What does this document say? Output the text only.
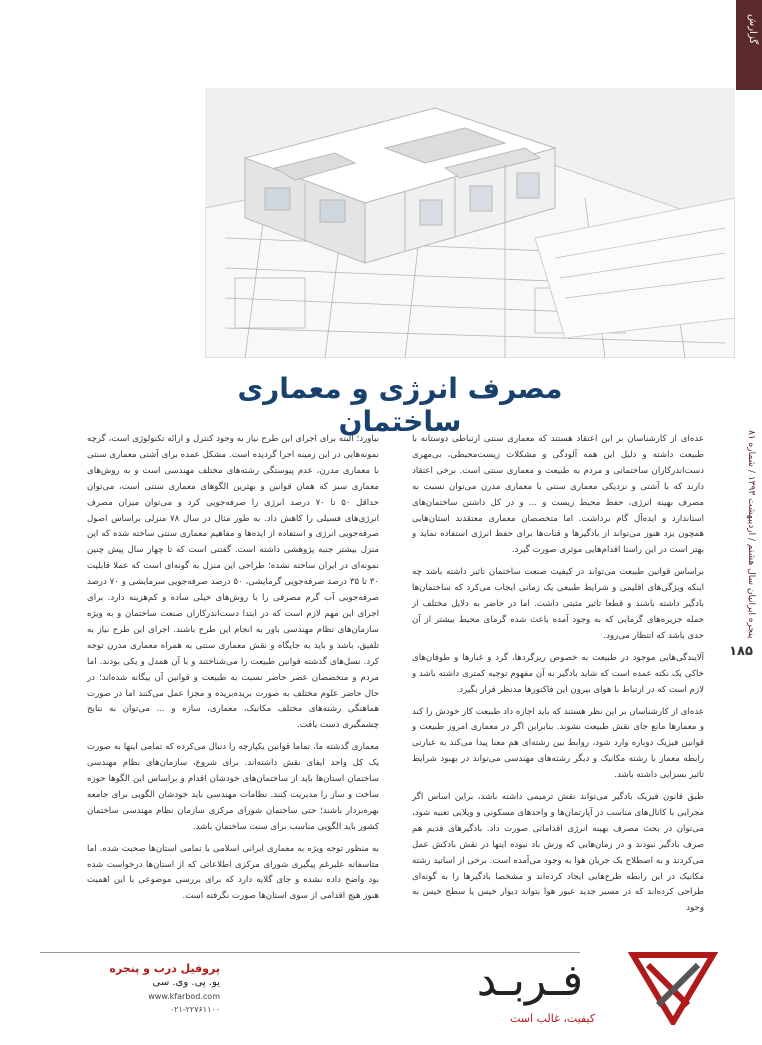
گزارش
پنجره ایرانیان سال هشتم / اردیبهشت ۱۳۹۳ / شماره ۸۱
۱۸۵
مصرف انرژی و معماری ساختمان

عده‌ای از کارشناسان بر این اعتقاد هستند که معماری سنتی ارتباطی دوستانه با طبیعت داشته و دلیل این همه آلودگی و مشکلات زیست‌محیطی، بی‌مهری دست‌اندرکاران ساختمانی و مردم به طبیعت و معماری سنتی است. برخی اعتقاد دارند که با آشتی و نزدیکی معماری سنتی با معماری مدرن می‌توان نسبت به مصرف بهینه انرژی، حفظ محیط زیست و ... و در کل داشتن ساختمان‌های استاندارد و ایده‌آل گام برداشت. اما متخصصان معماری معتقدند استان‌هایی همچون یزد هنوز می‌تواند از بادگیرها و قنات‌ها برای حفظ انرژی استفاده نماید و بهتر است در این راستا اقدام‌هایی موثری صورت گیرد.

براساس قوانین طبیعت می‌تواند در کیفیت صنعت ساختمان تاثیر داشته باشد چه اینکه ویژگی‌های اقلیمی و شرایط طبیعی یک زمانی ایجاب می‌کرد که ساختمان‌ها بادگیر داشته باشند و قطعا تاثیر مثبتی داشت. اما در حاضر به دلایل مختلف از جمله جزیره‌های گرمایی که به وجود آمده باعث شده گرمای محیط بیشتر از آن حدی باشد که انتظار می‌رود.

آلایندگی‌هایی موجود در طبیعت به خصوص ریزگردها، گرد و غبارها و طوفان‌های خاکی یک نکته عمده است که شاید بادگیر به آن مفهوم توجیه کمتری داشته باشد و لازم است که در ارتباط با هوای بیرون این فاکتورها مدنظر قرار بگیرد.

عده‌ای از کارشناسان بر این نظر هستند که باید اجازه داد طبیعت کار خودش را کند و معمارها مانع جای نقش طبیعت نشوند. بنابراین اگر در معماری امروز طبیعت و قوانین فیزیک دوباره وارد شود، روابط بین رشته‌ای هم معنا پیدا می‌کند به عبارتی رابطه معمار با رشته مکانیک و دیگر رشته‌های مهندسی می‌تواند در بهبود شرایط تاثیر بسزایی داشته باشد.

طبق قانون فیزیک بادگیر می‌تواند نقش ترمیمی داشته باشد، براین اساس اگر مجرایی با کانال‌های مناسب در آپارتمان‌ها و واحدهای مسکونی و ویلایی تعبیه شود، می‌توان در بحث مصرف بهینه انرژی اقداماتی صورت داد. بادگیرهای قدیم هم صرف بادگیر نبودند و در زمان‌هایی که وزش باد نبوده اینها در نقش بادکش عمل می‌کردند و به اصطلاح یک جریان هوا به وجود می‌آمده است. برخی از اساتید رشته مکانیک در این رابطه طرح‌هایی ایجاد کرده‌اند و مشخصا بادگیرها را به گونه‌ای طراحی کرده‌اند که در مسیر جدید عبور هوا بتواند دیوار خیس یا سطح خیس به وجود

بیاورد؛ البته برای اجرای این طرح نیاز به وجود کنترل و ارائه تکنولوژی است، گرچه نمونه‌هایی در این زمینه اجرا گردیده است. مشکل عمده برای آشتی معماری سنتی با معماری مدرن، عدم پیوستگی رشته‌های مختلف مهندسی است و به روش‌های معماری سبز که همان قوانین و بهترین الگوهای معماری سنتی است، می‌توان حداقل ۵۰ تا ۷۰ درصد انرژی را صرفه‌جویی کرد و می‌توان میزان مصرف انرژی‌های فسیلی را کاهش داد. به طور مثال در سال ۷۸ منزلی براساس اصول صرفه‌جویی انرژی و استفاده از ایده‌ها و مفاهیم معماری سنتی ساخته شده که این منزل بیشتر جنبه پژوهشی داشته است. گفتنی است که تا چهار سال پیش چنین نمونه‌ای در ایران ساخته نشده؛ طراحی این منزل به گونه‌ای است که عملا قابلیت ۳۰ تا ۳۵ درصد صرفه‌جویی گرمایشی، ۵۰ درصد صرفه‌جویی سرمایشی و ۷۰ درصد صرفه‌جویی آب گرم مصرفی را با روش‌های خیلی ساده و کم‌هزینه دارد. برای اجرای این مهم لازم است که در ابتدا دست‌اندرکاران صنعت ساختمان و به ویژه سازمان‌های نظام مهندسی باور به انجام این طرح باشند. اجرای این طرح نیاز به تلفیق، باشد و باید به جایگاه و نقش معماری سنتی به همراه معماری مدرن توجه کرد. نسل‌های گذشته قوانین طبیعت را می‌شناختند و با آن همدل و یکی بودند. اما مردم و متخصصان عصر حاضر نسبت به طبیعت و قوانین آن بیگانه شده‌اند؛ در حال حاضر علوم مختلف به صورت بریده‌بریده و مجزا عمل می‌کنند اما در صورت هماهنگی رشته‌های مختلف مکانیک، معماری، سازه و ... می‌توان به نتایج چشمگیری دست یافت.

معماری گذشته ما، تماما قوانین یکپارچه را دنبال می‌کرده که تمامی اینها به صورت یک کل واحد ایفای نقش داشته‌اند. برای شروع، سازمان‌های نظام مهندسی ساختمان استان‌ها باید از ساختمان‌های خودشان اقدام و براساس این الگوها حوزه ساخت و ساز را مدیریت کنند. نظامات مهندسی باید خودشان الگویی برای جامعه بهره‌بردار باشند؛ حتی ساختمان شورای مرکزی سازمان نظام مهندسی ساختمان کشور باید الگویی مناسب برای سنت ساختمان باشد.

به منظور توجه ویژه به معماری ایرانی اسلامی با تمامی استان‌ها صحبت شده. اما متاسفانه علیرغم پیگیری شورای مرکزی اطلاعاتی که از استان‌ها درخواست شده بود واضح داده نشده و جای گلایه دارد که برای بررسی موضوعی با این اهمیت هنوز هیچ اقدامی از سوی استان‌ها صورت نگرفته است.

پروفیل درب و پنجره
یو. پی. وی. سی
www.kfarbod.com
۰۲۱-۲۲۷۶۱۱۰۰
فـربـد
کیفیت، غالب است
